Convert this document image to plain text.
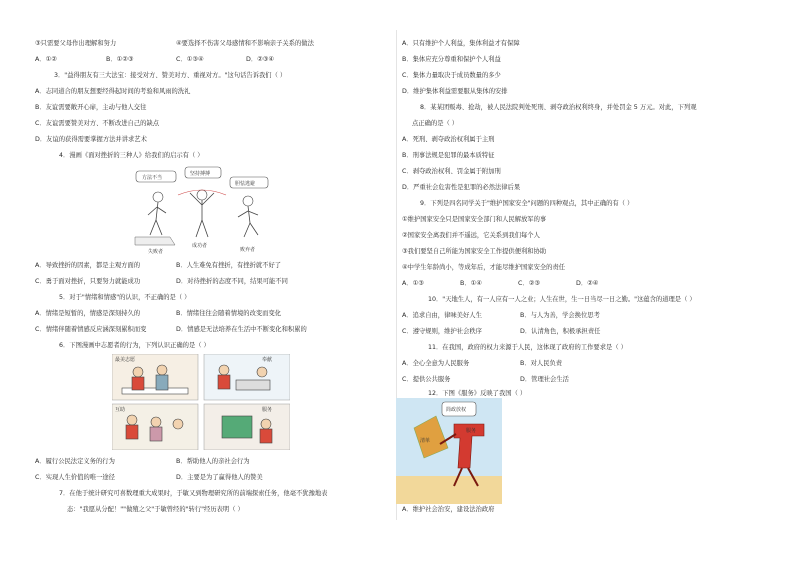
③只需要父母作出理解和努力	④要选择不伤害父母感情和不影响亲子关系的做法
A．①②	B．①②③	C．①③④	D．②③④
3．"益得朋友有三大法宝：接受对方、赞美对方、重视对方。"这句话告诉我们（ ）
A．志同道合的朋友想要经得起时间的考验和风雨的洗礼
B．友谊需要敞开心扉，主动与他人交往
C．友谊需要赞美对方、不断改进自己的缺点
D．友谊的获得需要掌握方法并讲求艺术
4．漫画《面对挫折的三种人》给我们的启示有（ ）
方法不当
坚持搏搏
胆怯逃避
失败者
成功者
败弃者
A．导致挫折的因素，都是主观方面的	B．人生难免有挫折，有挫折就不好了
C．勇于面对挫折，只要努力就能成功	D．对待挫折的态度不同，结果可能不同
5．对于"情绪和情感"的认识，不正确的是（ ）
A．情绪是短暂的，情感是深刻持久的	B．情绪往往会随着情境的改变而变化
C．情绪伴随着情感反应涵深刻累积而变	D．情感是无法培养在生活中不断变化和积累的
6．下图漫画中志愿者的行为，下列认识正确的是（ ）
最美志愿	奉献
互助	服务
A．履行公民法定义务的行为	B．帮助他人的亲社会行为
C．实现人生价值的唯一途径	D．主要是为了赢得他人的赞美
7．在他于统计研究可喜数理重大成果时，于敏又到物理研究所的前端探索任务，他毫不犹豫地表
态："我愿从分配！""做殖之父"于敏曾经的"转行"经历表明（ ）
A．只有维护个人利益，集体利益才有保障
B．集体应充分尊重和保护个人利益
C．集体力量取决于成员数量的多少
D．维护集体利益需要服从集体的安排
8．某某团贩毒、抢劫，被人民法院判处死刑、剥夺政治权利终身，并处罚金 5 万元。对此，下列观
点正确的是（ ）
A．死刑、剥夺政治权利属于主刑
B．刑事法规是犯罪的最本质特征
C．剥夺政治权利、罚金属于附加刑
D．严重社会危害性是犯罪的必然法律后果
9．下列是四名同学关于"维护国家安全"问题的四种观点，其中正确的有（ ）
①维护国家安全只是国家安全部门和人民解放军的事
②国家安全离我们并不遥远，它关系到我们每个人
③我们要坚自己所能为国家安全工作提供便利和协助
④中学生年龄尚小，等成年后，才能尽维护国家安全的责任
A．①③	B．①④	C．②③	D．②④
10．"天地生人，有一人应有一人之业；人生在世，生一日当尽一日之勤。"这蕴含的道理是（ ）
A．追求自由，律味美好人生	B．与人为善，学会换位思考
C．遵守规则，维护社会秩序	D．认清角色，积极承担责任
11．在我国，政府的权力来源于人民，这体现了政府的工作要求是（ ）
A．全心全意为人民服务	B．对人民负责
C．提供公共服务	D．管理社会生活
12．下图《服务》反映了我国（ ）
清单
简政放权
服务
A．维护社会治安，建设法治政府
